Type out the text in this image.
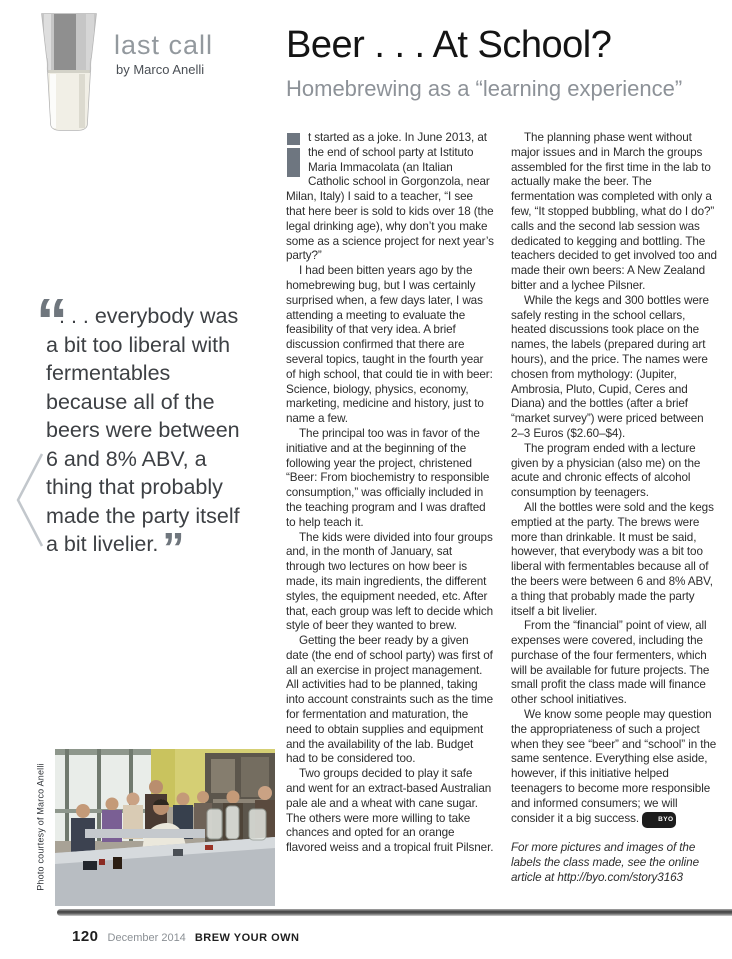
last call
by Marco Anelli
Beer . . . At School?
Homebrewing as a “learning experience”
“
. . . everybody was a bit too liberal with fermentables because all of the beers were between 6 and 8% ABV, a thing that probably made the party itself a bit livelier.”

t started as a joke. In June 2013, at the end of school party at Istituto Maria Immacolata (an Italian Catholic school in Gorgonzola, near Milan, Italy) I said to a teacher, “I see that here beer is sold to kids over 18 (the legal drinking age), why don’t you make some as a science project for next year’s party?”

I had been bitten years ago by the homebrewing bug, but I was certainly surprised when, a few days later, I was attending a meeting to evaluate the feasibility of that very idea. A brief discussion confirmed that there are several topics, taught in the fourth year of high school, that could tie in with beer: Science, biology, physics, economy, marketing, medicine and history, just to name a few.

The principal too was in favor of the initiative and at the beginning of the following year the project, christened “Beer: From biochemistry to responsible consumption,” was officially included in the teaching program and I was drafted to help teach it.

The kids were divided into four groups and, in the month of January, sat through two lectures on how beer is made, its main ingredients, the different styles, the equipment needed, etc. After that, each group was left to decide which style of beer they wanted to brew.

Getting the beer ready by a given date (the end of school party) was first of all an exercise in project management. All activities had to be planned, taking into account constraints such as the time for fermentation and maturation, the need to obtain supplies and equipment and the availability of the lab. Budget had to be considered too.

Two groups decided to play it safe and went for an extract-based Australian pale ale and a wheat with cane sugar. The others were more willing to take chances and opted for an orange flavored weiss and a tropical fruit Pilsner.

The planning phase went without major issues and in March the groups assembled for the first time in the lab to actually make the beer. The fermentation was completed with only a few, “It stopped bubbling, what do I do?” calls and the second lab session was dedicated to kegging and bottling. The teachers decided to get involved too and made their own beers: A New Zealand bitter and a lychee Pilsner.

While the kegs and 300 bottles were safely resting in the school cellars, heated discussions took place on the names, the labels (prepared during art hours), and the price. The names were chosen from mythology: (Jupiter, Ambrosia, Pluto, Cupid, Ceres and Diana) and the bottles (after a brief “market survey”) were priced between 2–3 Euros ($2.60–$4).

The program ended with a lecture given by a physician (also me) on the acute and chronic effects of alcohol consumption by teenagers.

All the bottles were sold and the kegs emptied at the party. The brews were more than drinkable. It must be said, however, that everybody was a bit too liberal with fermentables because all of the beers were between 6 and 8% ABV, a thing that probably made the party itself a bit livelier.

From the “financial” point of view, all expenses were covered, including the purchase of the four fermenters, which will be available for future projects. The small profit the class made will finance other school initiatives.

We know some people may question the appropriateness of such a project when they see “beer” and “school” in the same sentence. Everything else aside, however, if this initiative helped teenagers to become more responsible and informed consumers; we will consider it a big success.	BYO

For more pictures and images of the labels the class made, see the online article at http://byo.com/story3163

Photo courtesy of Marco Anelli
120 December 2014 BREW YOUR OWN
